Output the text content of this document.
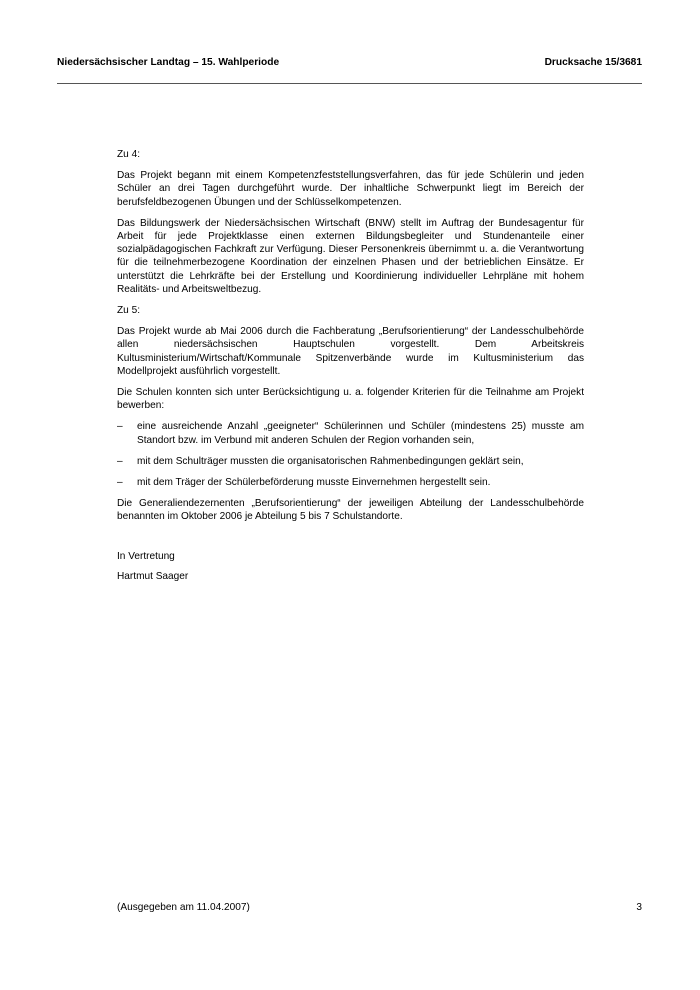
Niedersächsischer Landtag – 15. Wahlperiode	Drucksache 15/3681
Zu 4:
Das Projekt begann mit einem Kompetenzfeststellungsverfahren, das für jede Schülerin und jeden Schüler an drei Tagen durchgeführt wurde. Der inhaltliche Schwerpunkt liegt im Bereich der berufsfeldbezogenen Übungen und der Schlüsselkompetenzen.
Das Bildungswerk der Niedersächsischen Wirtschaft (BNW) stellt im Auftrag der Bundesagentur für Arbeit für jede Projektklasse einen externen Bildungsbegleiter und Stundenanteile einer sozialpädagogischen Fachkraft zur Verfügung. Dieser Personenkreis übernimmt u. a. die Verantwortung für die teilnehmerbezogene Koordination der einzelnen Phasen und der betrieblichen Einsätze. Er unterstützt die Lehrkräfte bei der Erstellung und Koordinierung individueller Lehrpläne mit hohem Realitäts- und Arbeitsweltbezug.
Zu 5:
Das Projekt wurde ab Mai 2006 durch die Fachberatung „Berufsorientierung“ der Landesschulbehörde allen niedersächsischen Hauptschulen vorgestellt. Dem Arbeitskreis Kultusministerium/Wirtschaft/Kommunale Spitzenverbände wurde im Kultusministerium das Modellprojekt ausführlich vorgestellt.
Die Schulen konnten sich unter Berücksichtigung u. a. folgender Kriterien für die Teilnahme am Projekt bewerben:
– eine ausreichende Anzahl „geeigneter“ Schülerinnen und Schüler (mindestens 25) musste am Standort bzw. im Verbund mit anderen Schulen der Region vorhanden sein,
– mit dem Schulträger mussten die organisatorischen Rahmenbedingungen geklärt sein,
– mit dem Träger der Schülerbeförderung musste Einvernehmen hergestellt sein.
Die Generaliendezernenten „Berufsorientierung“ der jeweiligen Abteilung der Landesschulbehörde benannten im Oktober 2006 je Abteilung 5 bis 7 Schulstandorte.
In Vertretung
Hartmut Saager
(Ausgegeben am 11.04.2007)	3
